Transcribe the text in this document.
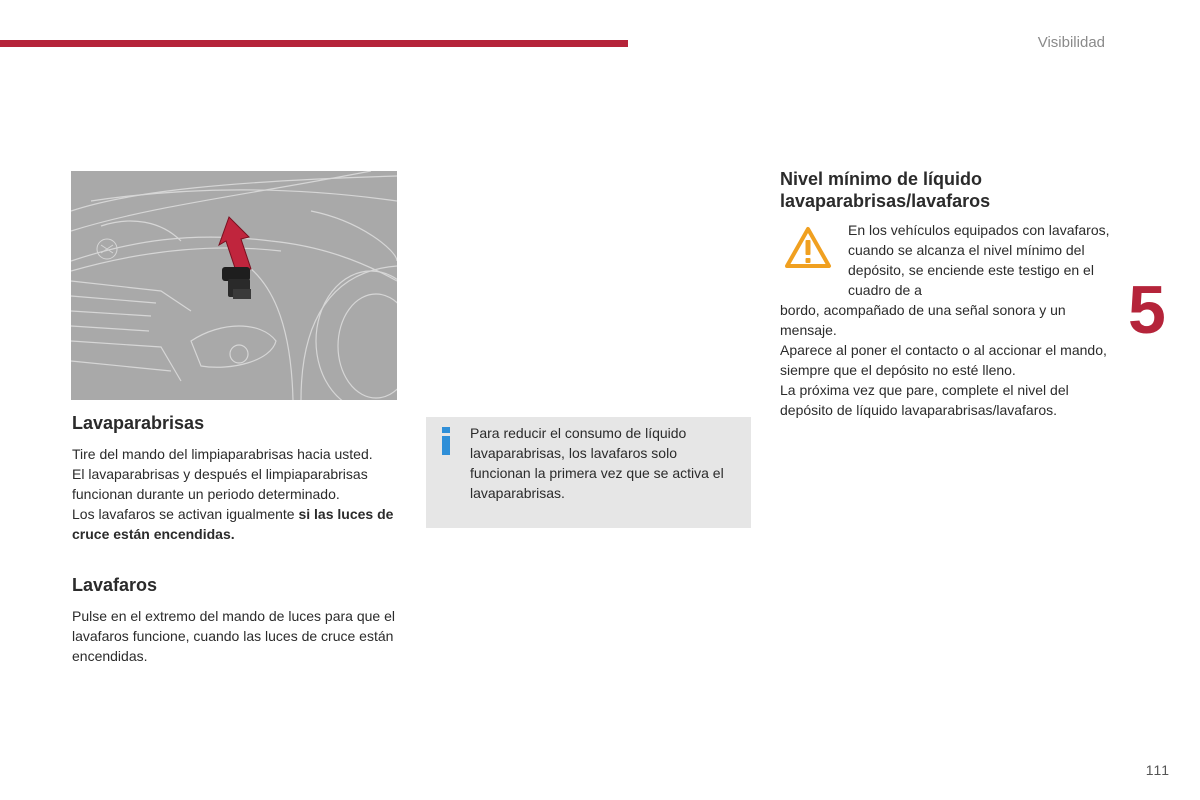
Visibilidad
5
111
Lavaparabrisas

Tire del mando del limpiaparabrisas hacia usted.

El lavaparabrisas y después el limpiaparabrisas funcionan durante un periodo determinado.

Los lavafaros se activan igualmente si las luces de cruce están encendidas.

Lavafaros

Pulse en el extremo del mando de luces para que el lavafaros funcione, cuando las luces de cruce están encendidas.

Para reducir el consumo de líquido lavaparabrisas, los lavafaros solo funcionan la primera vez que se activa el lavaparabrisas.
Nivel mínimo de líquido lavaparabrisas/lavafaros
En los vehículos equipados con lavafaros, cuando se alcanza el nivel mínimo del depósito, se enciende este testigo en el cuadro de a

bordo, acompañado de una señal sonora y un mensaje.

Aparece al poner el contacto o al accionar el mando, siempre que el depósito no esté lleno.

La próxima vez que pare, complete el nivel del depósito de líquido lavaparabrisas/lavafaros.
